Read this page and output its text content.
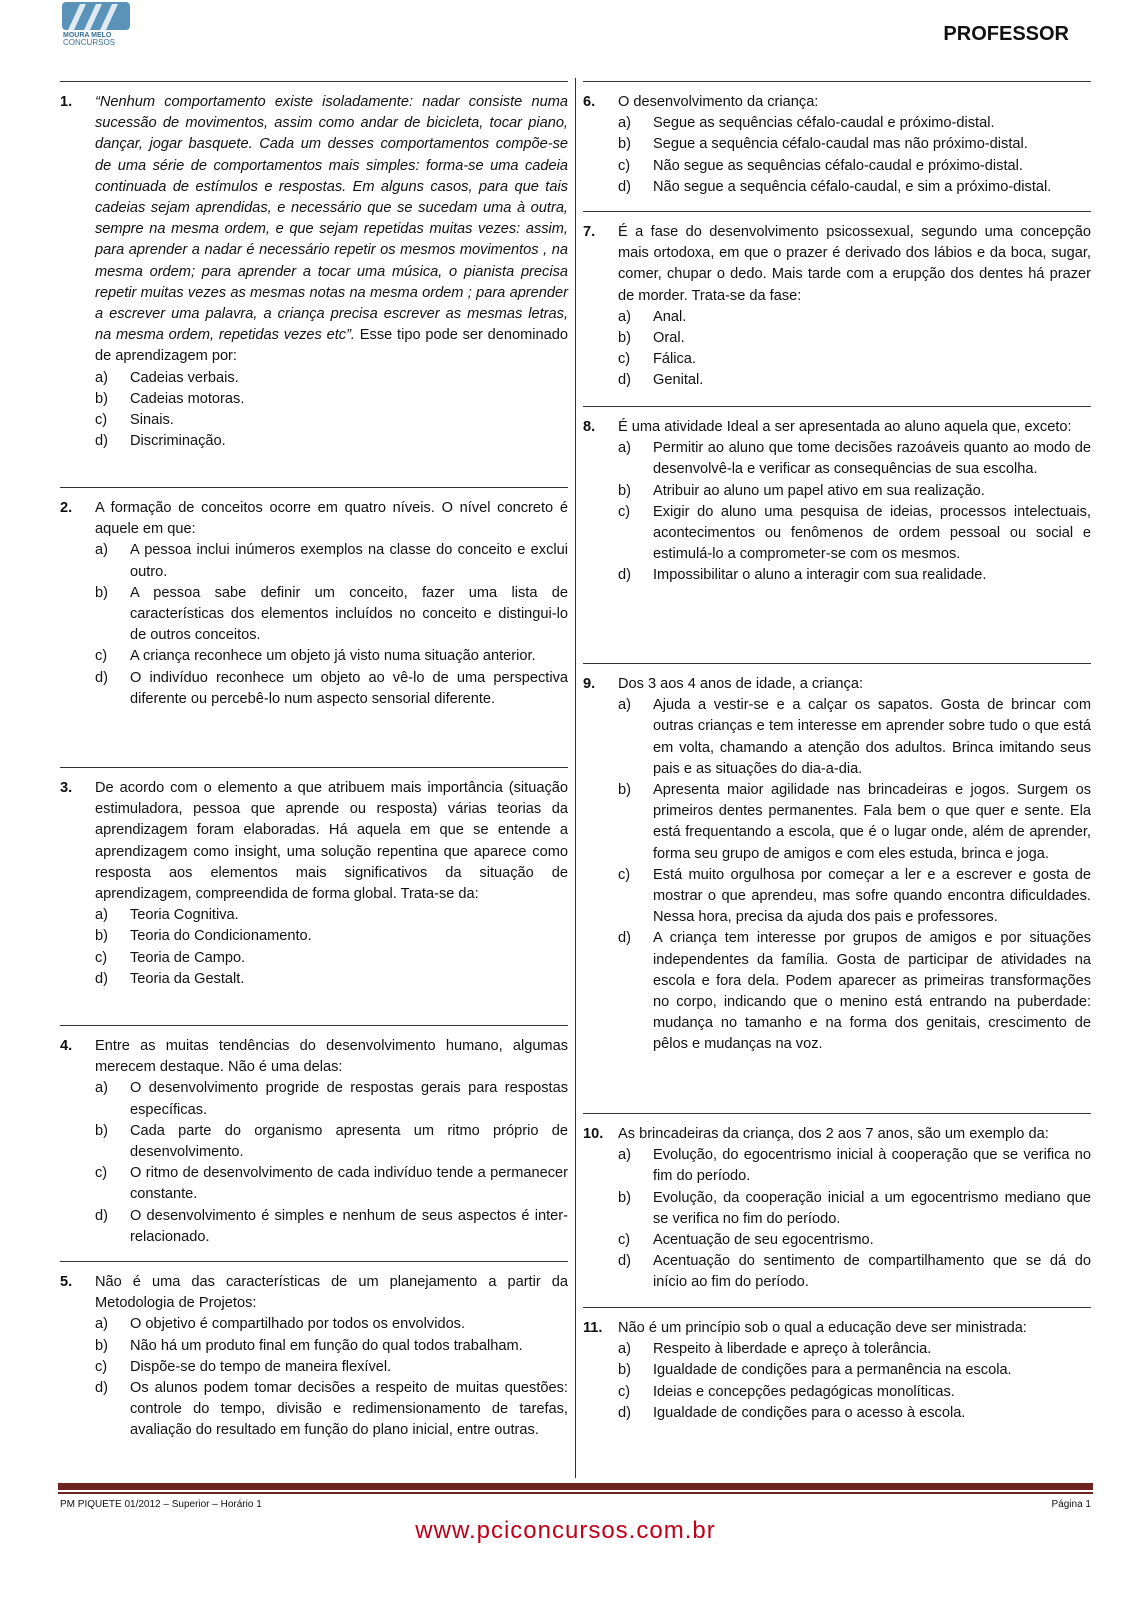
MOURA MELO
CONCURSOS	PROFESSOR
PM PIQUETE 01/2012 – Superior – Horário 1	Página 1
www.pciconcursos.com.br
1. “Nenhum comportamento existe isoladamente: nadar consiste numa sucessão de movimentos, assim como andar de bicicleta, tocar piano, dançar, jogar basquete. Cada um desses comportamentos compõe-se de uma série de comportamentos mais simples: forma-se uma cadeia continuada de estímulos e respostas. Em alguns casos, para que tais cadeias sejam aprendidas, e necessário que se sucedam uma à outra, sempre na mesma ordem, e que sejam repetidas muitas vezes: assim, para aprender a nadar é necessário repetir os mesmos movimentos , na mesma ordem; para aprender a tocar uma música, o pianista precisa repetir muitas vezes as mesmas notas na mesma ordem ; para aprender a escrever uma palavra, a criança precisa escrever as mesmas letras, na mesma ordem, repetidas vezes etc”. Esse tipo pode ser denominado de aprendizagem por:
a) Cadeias verbais.
b) Cadeias motoras.
c) Sinais.
d) Discriminação.
2. A formação de conceitos ocorre em quatro níveis. O nível concreto é aquele em que:
a) A pessoa inclui inúmeros exemplos na classe do conceito e exclui outro.
b) A pessoa sabe definir um conceito, fazer uma lista de características dos elementos incluídos no conceito e distingui-lo de outros conceitos.
c) A criança reconhece um objeto já visto numa situação anterior.
d) O indivíduo reconhece um objeto ao vê-lo de uma perspectiva diferente ou percebê-lo num aspecto sensorial diferente.
3. De acordo com o elemento a que atribuem mais importância (situação estimuladora, pessoa que aprende ou resposta) várias teorias da aprendizagem foram elaboradas. Há aquela em que se entende a aprendizagem como insight, uma solução repentina que aparece como resposta aos elementos mais significativos da situação de aprendizagem, compreendida de forma global. Trata-se da:
a) Teoria Cognitiva.
b) Teoria do Condicionamento.
c) Teoria de Campo.
d) Teoria da Gestalt.
4. Entre as muitas tendências do desenvolvimento humano, algumas merecem destaque. Não é uma delas:
a) O desenvolvimento progride de respostas gerais para respostas específicas.
b) Cada parte do organismo apresenta um ritmo próprio de desenvolvimento.
c) O ritmo de desenvolvimento de cada indivíduo tende a permanecer constante.
d) O desenvolvimento é simples e nenhum de seus aspectos é inter-relacionado.
5. Não é uma das características de um planejamento a partir da Metodologia de Projetos:
a) O objetivo é compartilhado por todos os envolvidos.
b) Não há um produto final em função do qual todos trabalham.
c) Dispõe-se do tempo de maneira flexível.
d) Os alunos podem tomar decisões a respeito de muitas questões: controle do tempo, divisão e redimensionamento de tarefas, avaliação do resultado em função do plano inicial, entre outras.
6. O desenvolvimento da criança:
a) Segue as sequências céfalo-caudal e próximo-distal.
b) Segue a sequência céfalo-caudal mas não próximo-distal.
c) Não segue as sequências céfalo-caudal e próximo-distal.
d) Não segue a sequência céfalo-caudal, e sim a próximo-distal.
7. É a fase do desenvolvimento psicossexual, segundo uma concepção mais ortodoxa, em que o prazer é derivado dos lábios e da boca, sugar, comer, chupar o dedo. Mais tarde com a erupção dos dentes há prazer de morder. Trata-se da fase:
a) Anal.
b) Oral.
c) Fálica.
d) Genital.
8. É uma atividade Ideal a ser apresentada ao aluno aquela que, exceto:
a) Permitir ao aluno que tome decisões razoáveis quanto ao modo de desenvolvê-la e verificar as consequências de sua escolha.
b) Atribuir ao aluno um papel ativo em sua realização.
c) Exigir do aluno uma pesquisa de ideias, processos intelectuais, acontecimentos ou fenômenos de ordem pessoal ou social e estimulá-lo a comprometer-se com os mesmos.
d) Impossibilitar o aluno a interagir com sua realidade.
9. Dos 3 aos 4 anos de idade, a criança:
a) Ajuda a vestir-se e a calçar os sapatos. Gosta de brincar com outras crianças e tem interesse em aprender sobre tudo o que está em volta, chamando a atenção dos adultos. Brinca imitando seus pais e as situações do dia-a-dia.
b) Apresenta maior agilidade nas brincadeiras e jogos. Surgem os primeiros dentes permanentes. Fala bem o que quer e sente. Ela está frequentando a escola, que é o lugar onde, além de aprender, forma seu grupo de amigos e com eles estuda, brinca e joga.
c) Está muito orgulhosa por começar a ler e a escrever e gosta de mostrar o que aprendeu, mas sofre quando encontra dificuldades. Nessa hora, precisa da ajuda dos pais e professores.
d) A criança tem interesse por grupos de amigos e por situações independentes da família. Gosta de participar de atividades na escola e fora dela. Podem aparecer as primeiras transformações no corpo, indicando que o menino está entrando na puberdade: mudança no tamanho e na forma dos genitais, crescimento de pêlos e mudanças na voz.
10. As brincadeiras da criança, dos 2 aos 7 anos, são um exemplo da:
a) Evolução, do egocentrismo inicial à cooperação que se verifica no fim do período.
b) Evolução, da cooperação inicial a um egocentrismo mediano que se verifica no fim do período.
c) Acentuação de seu egocentrismo.
d) Acentuação do sentimento de compartilhamento que se dá do início ao fim do período.
11. Não é um princípio sob o qual a educação deve ser ministrada:
a) Respeito à liberdade e apreço à tolerância.
b) Igualdade de condições para a permanência na escola.
c) Ideias e concepções pedagógicas monolíticas.
d) Igualdade de condições para o acesso à escola.
